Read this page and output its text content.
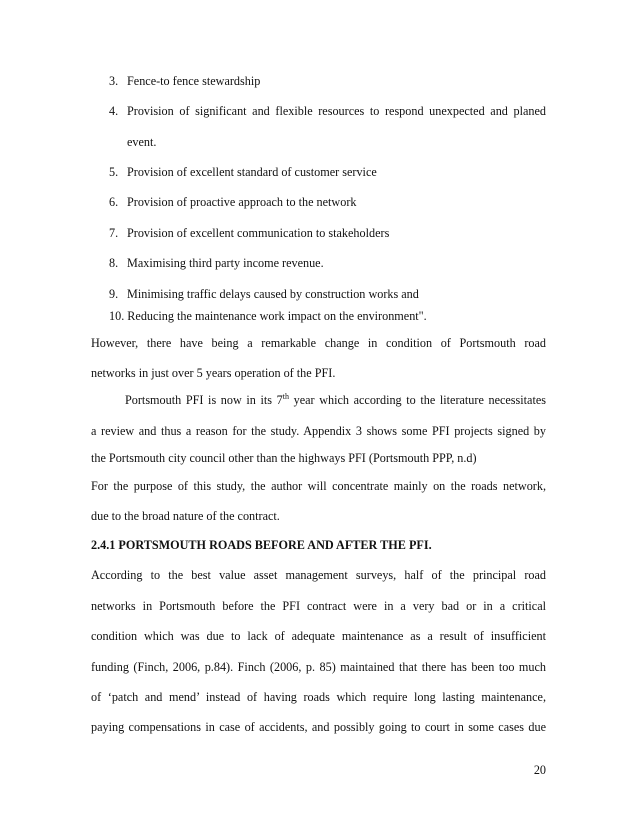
3. Fence-to fence stewardship
4. Provision of significant and flexible resources to respond unexpected and planed
event.
5. Provision of excellent standard of customer service
6. Provision of proactive approach to the network
7. Provision of excellent communication to stakeholders
8. Maximising third party income revenue.
9. Minimising traffic delays caused by construction works and
10. Reducing the maintenance work impact on the environment".
However, there have being a remarkable change in condition of Portsmouth road
networks in just over 5 years operation of the PFI.
Portsmouth PFI is now in its 7th year which according to the literature necessitates
a review and thus a reason for the study. Appendix 3 shows some PFI projects signed by
the Portsmouth city council other than the highways PFI (Portsmouth PPP, n.d)
For the purpose of this study, the author will concentrate mainly on the roads network,
due to the broad nature of the contract.
2.4.1 PORTSMOUTH ROADS BEFORE AND AFTER THE PFI.
According to the best value asset management surveys, half of the principal road
networks in Portsmouth before the PFI contract were in a very bad or in a critical
condition which was due to lack of adequate maintenance as a result of insufficient
funding (Finch, 2006, p.84). Finch (2006, p. 85) maintained that there has been too much
of ‘patch and mend’ instead of having roads which require long lasting maintenance,
paying compensations in case of accidents, and possibly going to court in some cases due
20
